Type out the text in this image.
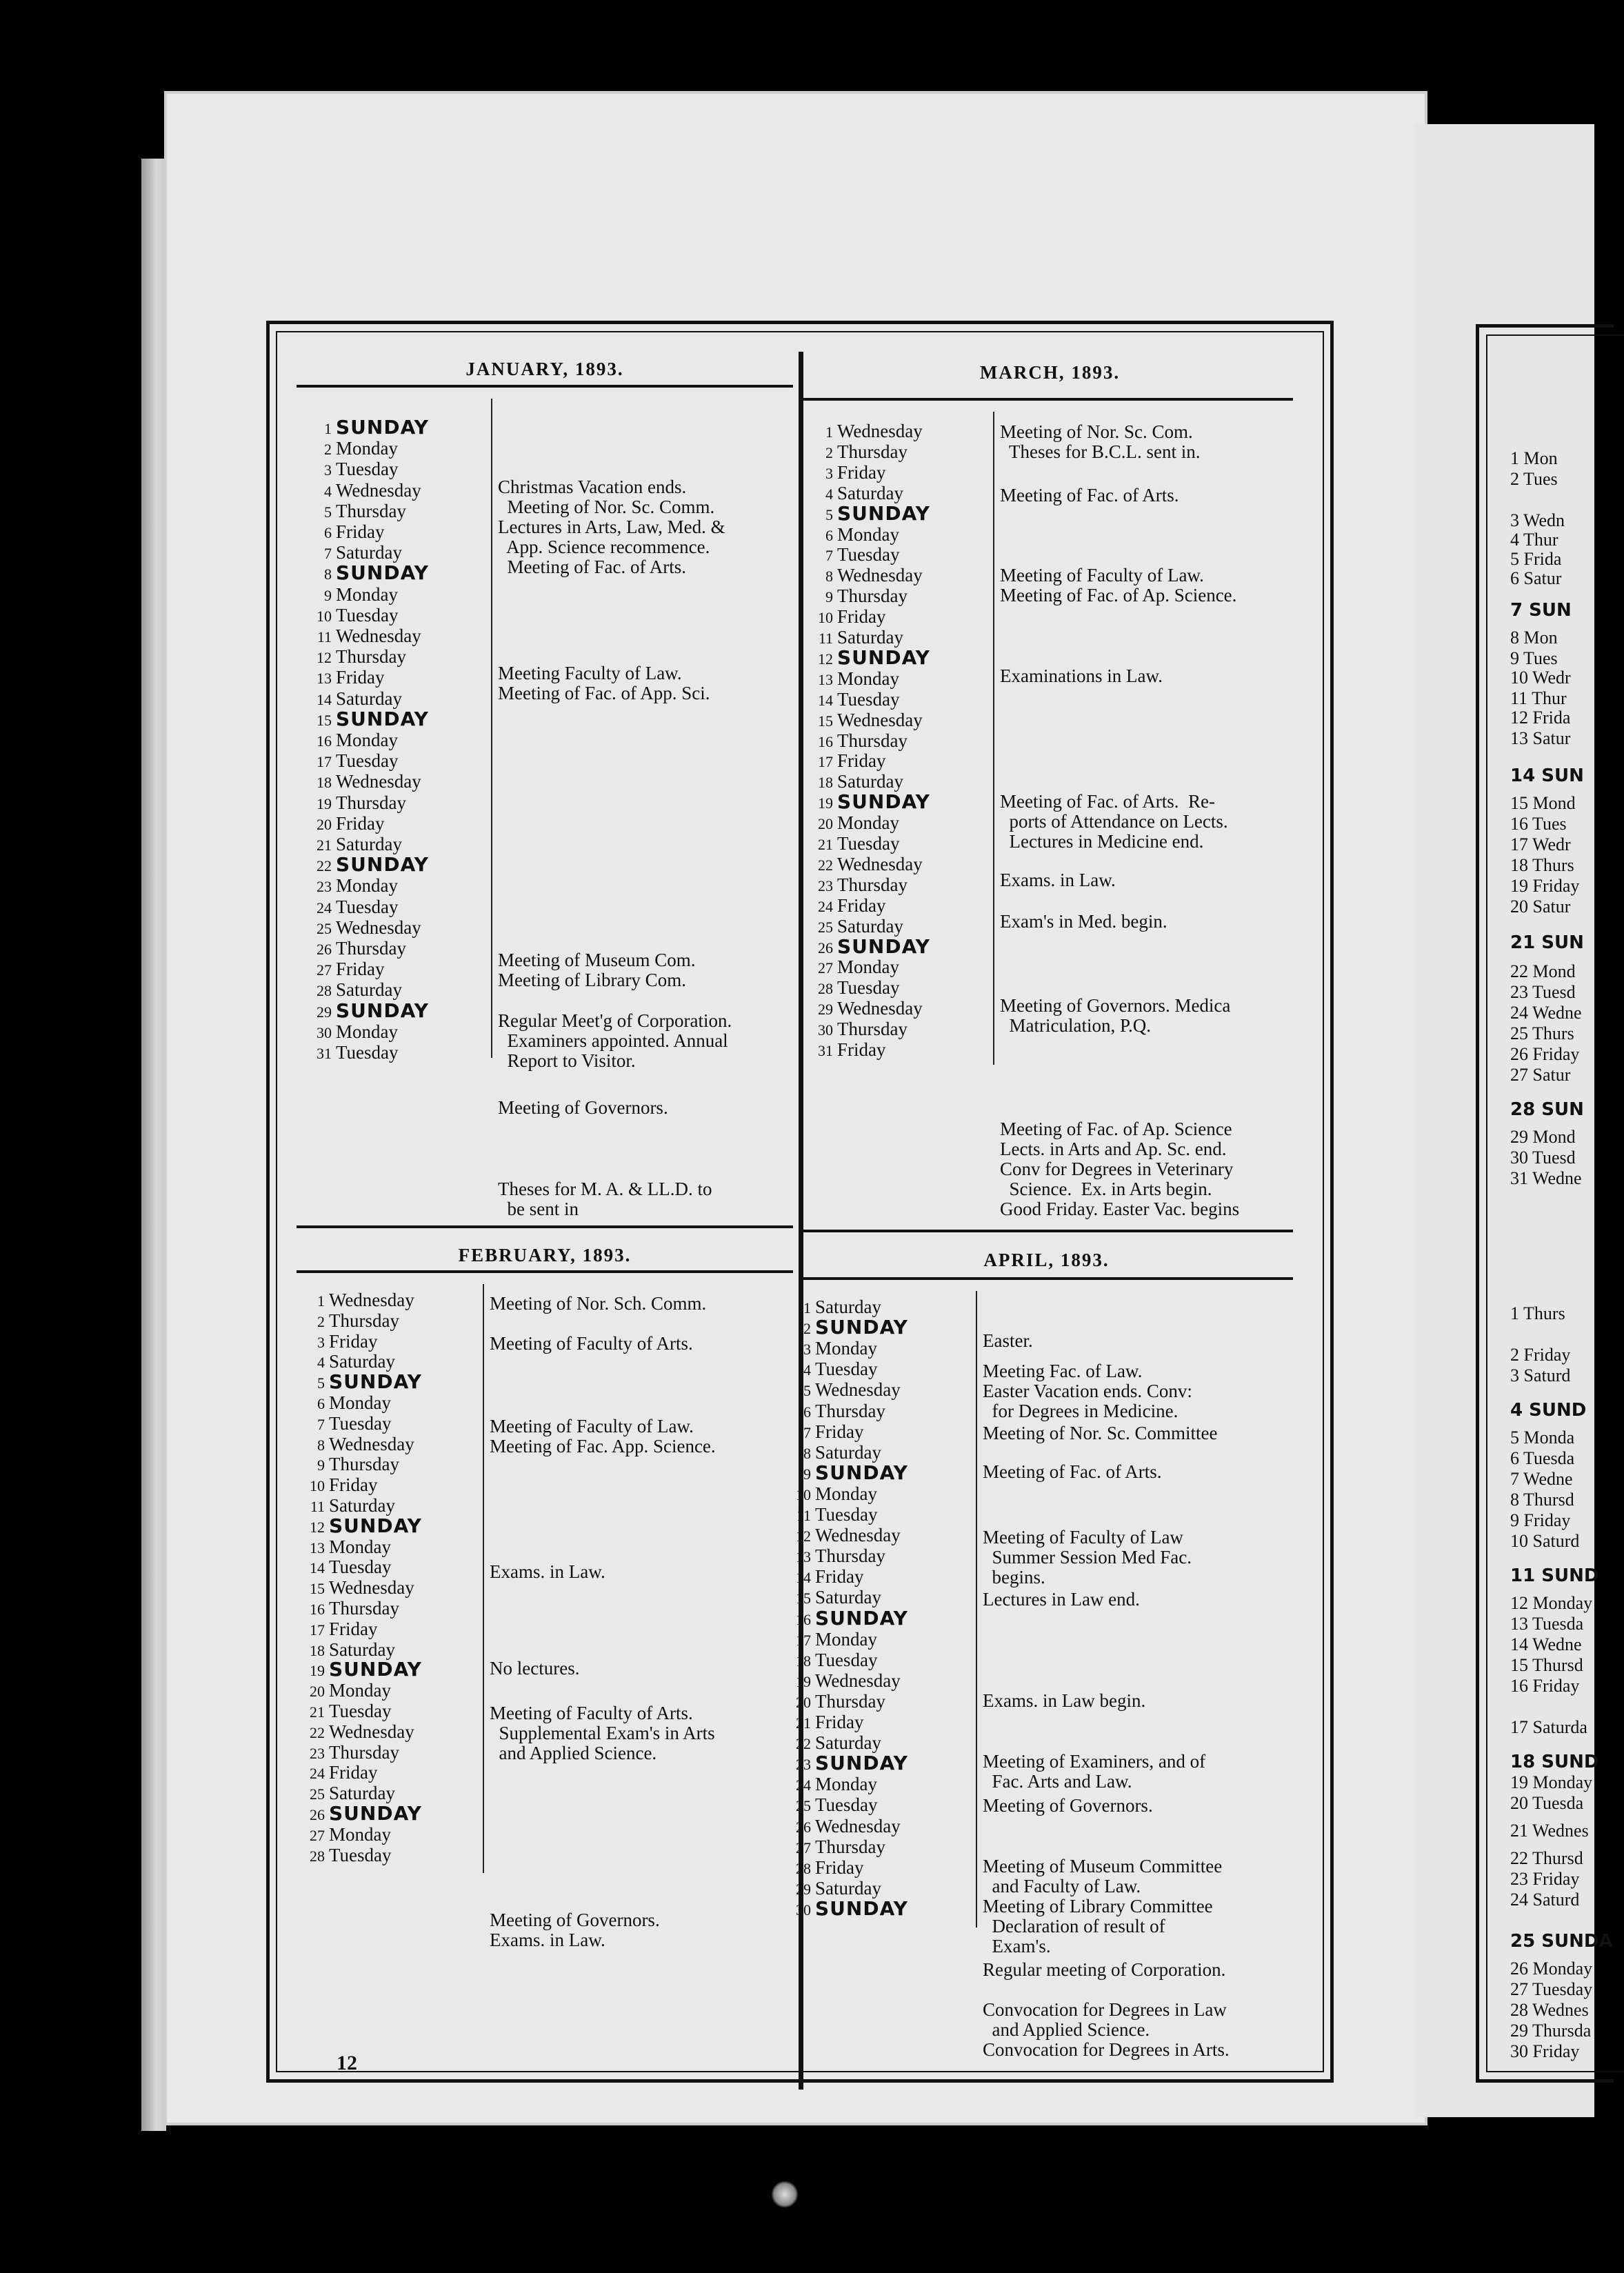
JANUARY, 1893.
1 SUNDAY
2 Monday
3 Tuesday
4 Wednesday
5 Thursday
6 Friday
7 Saturday
8 SUNDAY
9 Monday
10 Tuesday
11 Wednesday
12 Thursday
13 Friday
14 Saturday
15 SUNDAY
16 Monday
17 Tuesday
18 Wednesday
19 Thursday
20 Friday
21 Saturday
22 SUNDAY
23 Monday
24 Tuesday
25 Wednesday
26 Thursday
27 Friday
28 Saturday
29 SUNDAY
30 Monday
31 Tuesday
Christmas Vacation ends.
Meeting of Nor. Sc. Comm.
Lectures in Arts, Law, Med. &
App. Science recommence.
Meeting of Fac. of Arts.
Meeting Faculty of Law.
Meeting of Fac. of App. Sci.
Meeting of Museum Com.
Meeting of Library Com.
Regular Meet'g of Corporation.
Examiners appointed. Annual
Report to Visitor.
Meeting of Governors.
Theses for M. A. & LL.D. to
be sent in
FEBRUARY, 1893.
1 Wednesday
2 Thursday
3 Friday
4 Saturday
5 SUNDAY
6 Monday
7 Tuesday
8 Wednesday
9 Thursday
10 Friday
11 Saturday
12 SUNDAY
13 Monday
14 Tuesday
15 Wednesday
16 Thursday
17 Friday
18 Saturday
19 SUNDAY
20 Monday
21 Tuesday
22 Wednesday
23 Thursday
24 Friday
25 Saturday
26 SUNDAY
27 Monday
28 Tuesday
Meeting of Nor. Sch. Comm.
Meeting of Faculty of Arts.
Meeting of Faculty of Law.
Meeting of Fac. App. Science.
Exams. in Law.
No lectures.
Meeting of Faculty of Arts.
Supplemental Exam's in Arts
and Applied Science.
Meeting of Governors.
Exams. in Law.
MARCH, 1893.
1 Wednesday
2 Thursday
3 Friday
4 Saturday
5 SUNDAY
6 Monday
7 Tuesday
8 Wednesday
9 Thursday
10 Friday
11 Saturday
12 SUNDAY
13 Monday
14 Tuesday
15 Wednesday
16 Thursday
17 Friday
18 Saturday
19 SUNDAY
20 Monday
21 Tuesday
22 Wednesday
23 Thursday
24 Friday
25 Saturday
26 SUNDAY
27 Monday
28 Tuesday
29 Wednesday
30 Thursday
31 Friday
Meeting of Nor. Sc. Com.
Theses for B.C.L. sent in.
Meeting of Fac. of Arts.
Meeting of Faculty of Law.
Meeting of Fac. of Ap. Science.
Examinations in Law.
Meeting of Fac. of Arts.  Re-
ports of Attendance on Lects.
Lectures in Medicine end.
Exams. in Law.
Exam's in Med. begin.
Meeting of Governors. Medica
Matriculation, P.Q.
Meeting of Fac. of Ap. Science
Lects. in Arts and Ap. Sc. end.
Conv for Degrees in Veterinary
Science.  Ex. in Arts begin.
Good Friday. Easter Vac. begins
APRIL, 1893.
1 Saturday
2 SUNDAY
3 Monday
4 Tuesday
5 Wednesday
6 Thursday
7 Friday
8 Saturday
9 SUNDAY
10 Monday
11 Tuesday
12 Wednesday
13 Thursday
14 Friday
15 Saturday
16 SUNDAY
17 Monday
18 Tuesday
19 Wednesday
20 Thursday
21 Friday
22 Saturday
23 SUNDAY
24 Monday
25 Tuesday
26 Wednesday
27 Thursday
28 Friday
29 Saturday
30 SUNDAY
Easter.
Meeting Fac. of Law.
Easter Vacation ends. Conv:
for Degrees in Medicine.
Meeting of Nor. Sc. Committee
Meeting of Fac. of Arts.
Meeting of Faculty of Law
Summer Session Med Fac.
begins.
Lectures in Law end.
Exams. in Law begin.
Meeting of Examiners, and of
Fac. Arts and Law.
Meeting of Governors.
Meeting of Museum Committee
and Faculty of Law.
Meeting of Library Committee
Declaration of result of
Exam's.
Regular meeting of Corporation.
Convocation for Degrees in Law
and Applied Science.
Convocation for Degrees in Arts.
1 Mon
2 Tues
3 Wedn
4 Thur
5 Frida
6 Satur
7 SUN
8 Mon
9 Tues
10 Wedr
11 Thur
12 Frida
13 Satur
14 SUN
15 Mond
16 Tues
17 Wedr
18 Thurs
19 Friday
20 Satur
21 SUN
22 Mond
23 Tuesd
24 Wedne
25 Thurs
26 Friday
27 Satur
28 SUN
29 Mond
30 Tuesd
31 Wedne
1 Thurs
2 Friday
3 Saturd
4 SUND
5 Monda
6 Tuesda
7 Wedne
8 Thursd
9 Friday
10 Saturd
11 SUND
12 Monday
13 Tuesda
14 Wedne
15 Thursd
16 Friday
17 Saturda
18 SUND
19 Monday
20 Tuesda
21 Wednes
22 Thursd
23 Friday
24 Saturd
25 SUNDA
26 Monday
27 Tuesday
28 Wednes
29 Thursda
30 Friday
12
